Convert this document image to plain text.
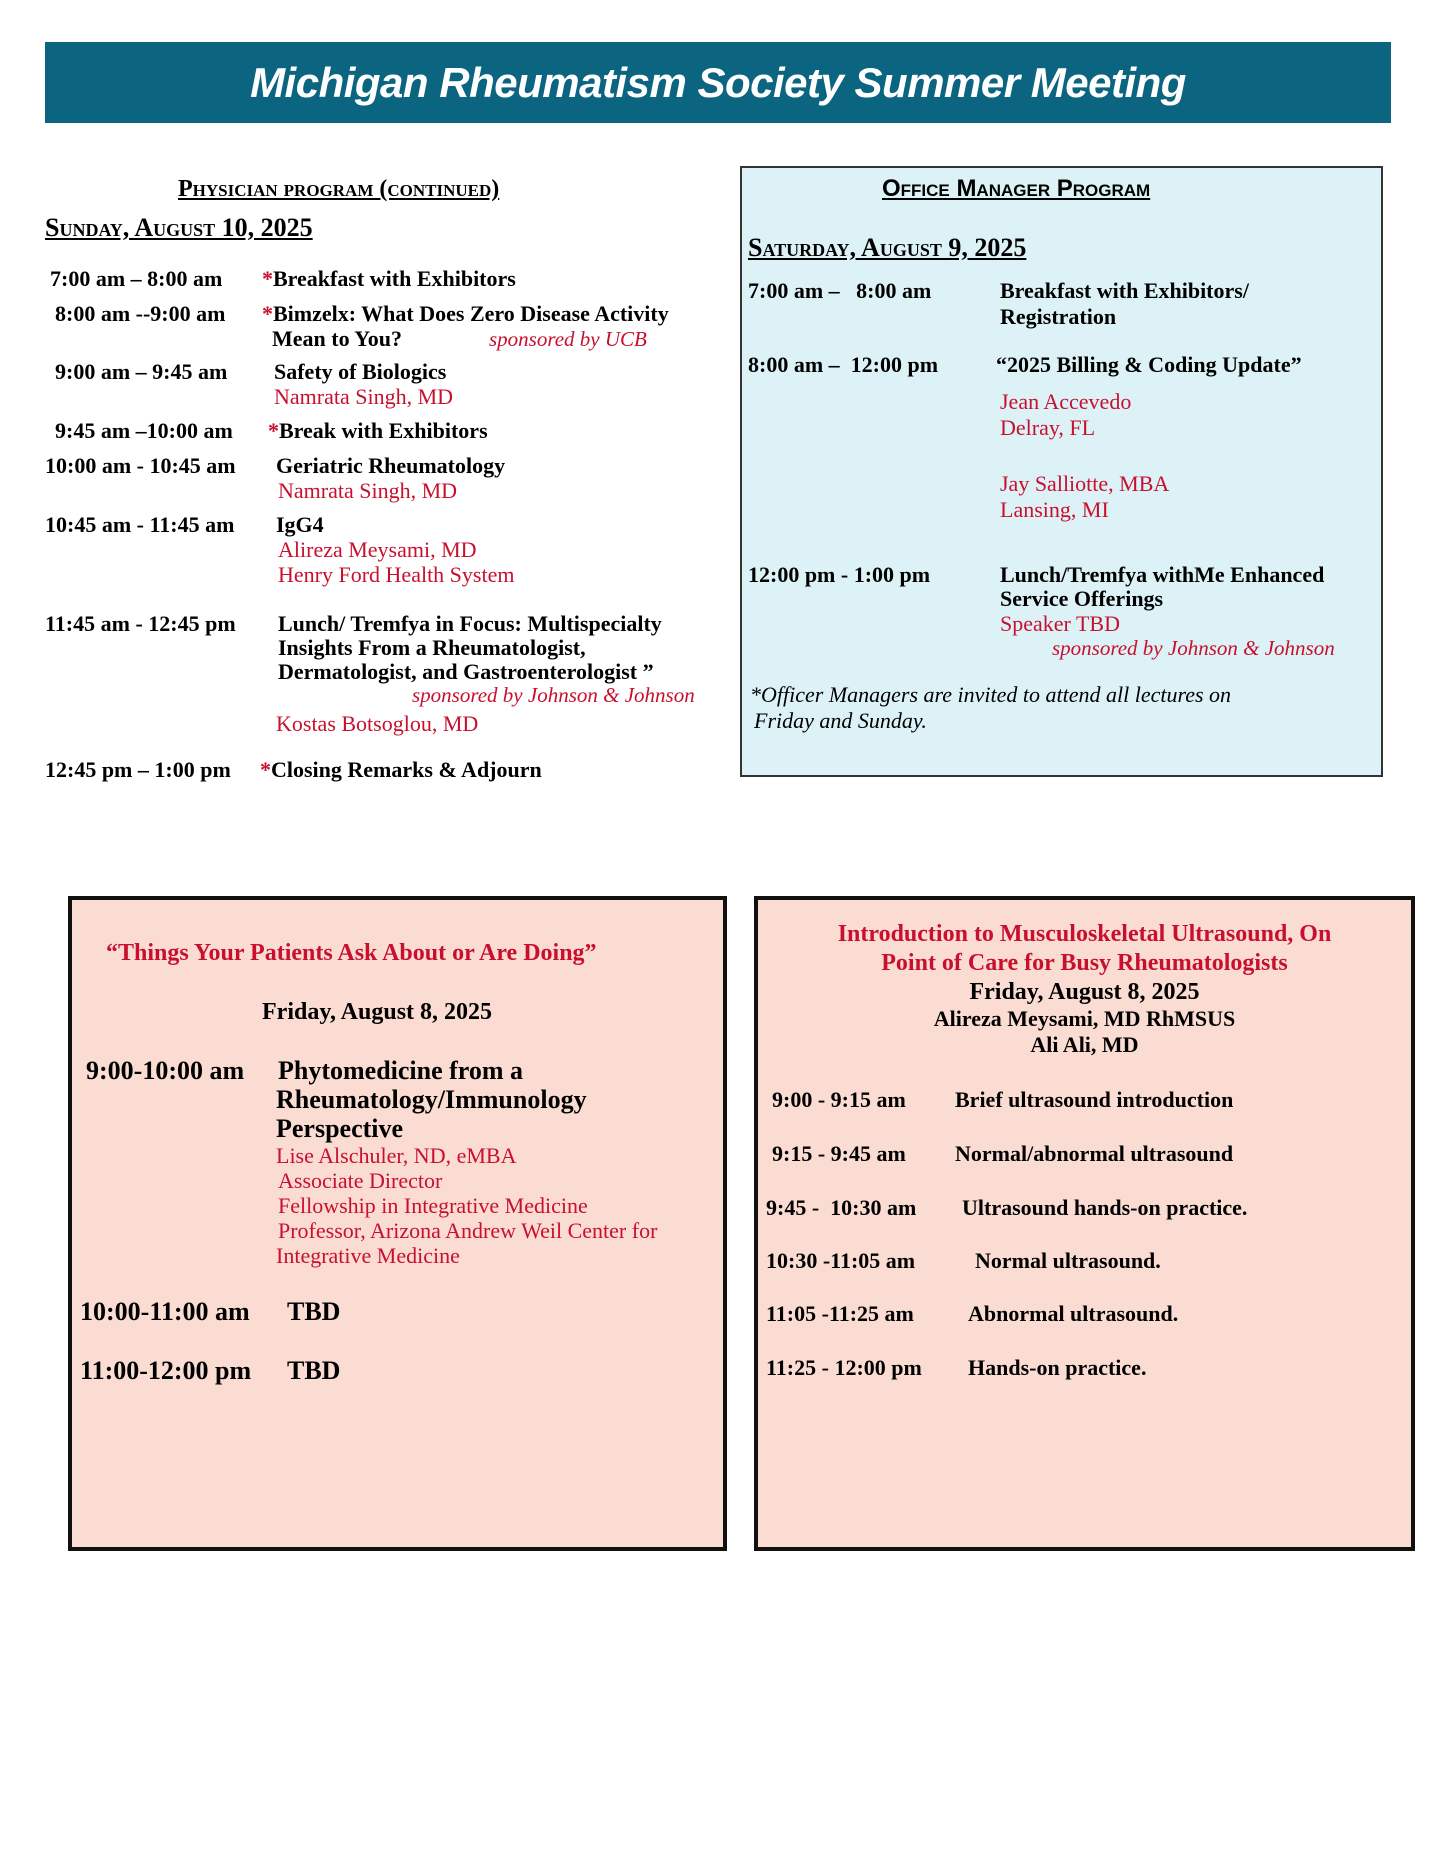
Michigan Rheumatism Society Summer Meeting
Physician program (continued)
Sunday, August 10, 2025
7:00 am – 8:00 am *Breakfast with Exhibitors
8:00 am --9:00 am *Bimzelx: What Does Zero Disease Activity
Mean to You?	sponsored by UCB
9:00 am – 9:45 am Safety of Biologics
Namrata Singh, MD
9:45 am –10:00 am *Break with Exhibitors
10:00 am - 10:45 am Geriatric Rheumatology
Namrata Singh, MD
10:45 am - 11:45 am IgG4
Alireza Meysami, MD
Henry Ford Health System
11:45 am - 12:45 pm Lunch/ Tremfya in Focus: Multispecialty
Insights From a Rheumatologist,
Dermatologist, and Gastroenterologist ”
sponsored by Johnson & Johnson
Kostas Botsoglou, MD
12:45 pm – 1:00 pm *Closing Remarks & Adjourn
Office Manager Program
Saturday, August 9, 2025
7:00 am –   8:00 am	Breakfast with Exhibitors/
Registration
8:00 am –  12:00 pm	“2025 Billing & Coding Update”
Jean Accevedo
Delray, FL
Jay Salliotte, MBA
Lansing, MI
12:00 pm - 1:00 pm	Lunch/Tremfya withMe Enhanced
Service Offerings
Speaker TBD
sponsored by Johnson & Johnson
*Officer Managers are invited to attend all lectures on
Friday and Sunday.
“Things Your Patients Ask About or Are Doing”
Friday, August 8, 2025
9:00-10:00 am Phytomedicine from a
Rheumatology/Immunology
Perspective
Lise Alschuler, ND, eMBA
Associate Director
Fellowship in Integrative Medicine
Professor, Arizona Andrew Weil Center for
Integrative Medicine
10:00-11:00 am TBD
11:00-12:00 pm TBD
Introduction to Musculoskeletal Ultrasound, On
Point of Care for Busy Rheumatologists
Friday, August 8, 2025
Alireza Meysami, MD RhMSUS
Ali Ali, MD
9:00 - 9:15 am Brief ultrasound introduction
9:15 - 9:45 am Normal/abnormal ultrasound
9:45 -  10:30 am Ultrasound hands-on practice.
10:30 -11:05 am	Normal ultrasound.
11:05 -11:25 am Abnormal ultrasound.
11:25 - 12:00 pm Hands-on practice.
